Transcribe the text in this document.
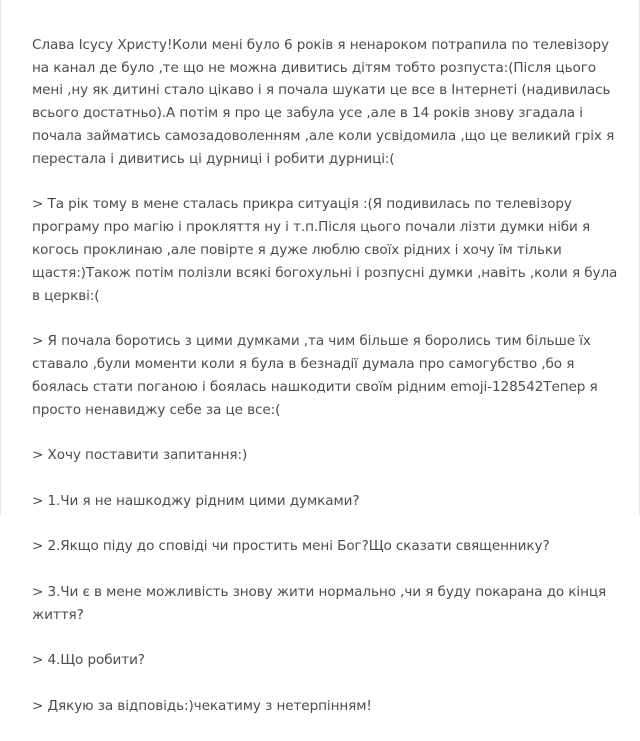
Слава Ісусу Христу!Коли мені було 6 років я ненароком потрапила по телевізору на канал де було ,те що не можна дивитись дітям тобто розпуста:(Після цього мені ,ну як дитині стало цікаво і я почала шукати це все в Інтернеті (надивилась всього достатньо).А потім я про це забула усе ,але в 14 років знову згадала і почала займатись самозадоволенням ,але коли усвідомила ,що це великий гріх я перестала і дивитись ці дурниці і робити дурниці:(

> Та рік тому в мене сталась прикра ситуація :(Я подивилась по телевізору програму про магію і прокляття ну і т.п.Після цього почали лізти думки ніби я когось проклинаю ,але повірте я дуже люблю своїх рідних і хочу їм тільки щастя:)Також потім полізли всякі богохульні і розпусні думки ,навіть ,коли я була в церкві:(

> Я почала боротись з цими думками ,та чим більше я боролись тим більше їх ставало ,були моменти коли я була в безнадії думала про самогубство ,бо я боялась стати поганою і боялась нашкодити своїм рідним emoji-128542Тепер я просто ненавиджу себе за це все:(

> Хочу поставити запитання:)

> 1.Чи я не нашкоджу рідним цими думками?

> 2.Якщо піду до сповіді чи простить мені Бог?Що сказати священнику?

> 3.Чи є в мене можливість знову жити нормально ,чи я буду покарана до кінця життя?

> 4.Що робити?

> Дякую за відповідь:)чекатиму з нетерпінням!
